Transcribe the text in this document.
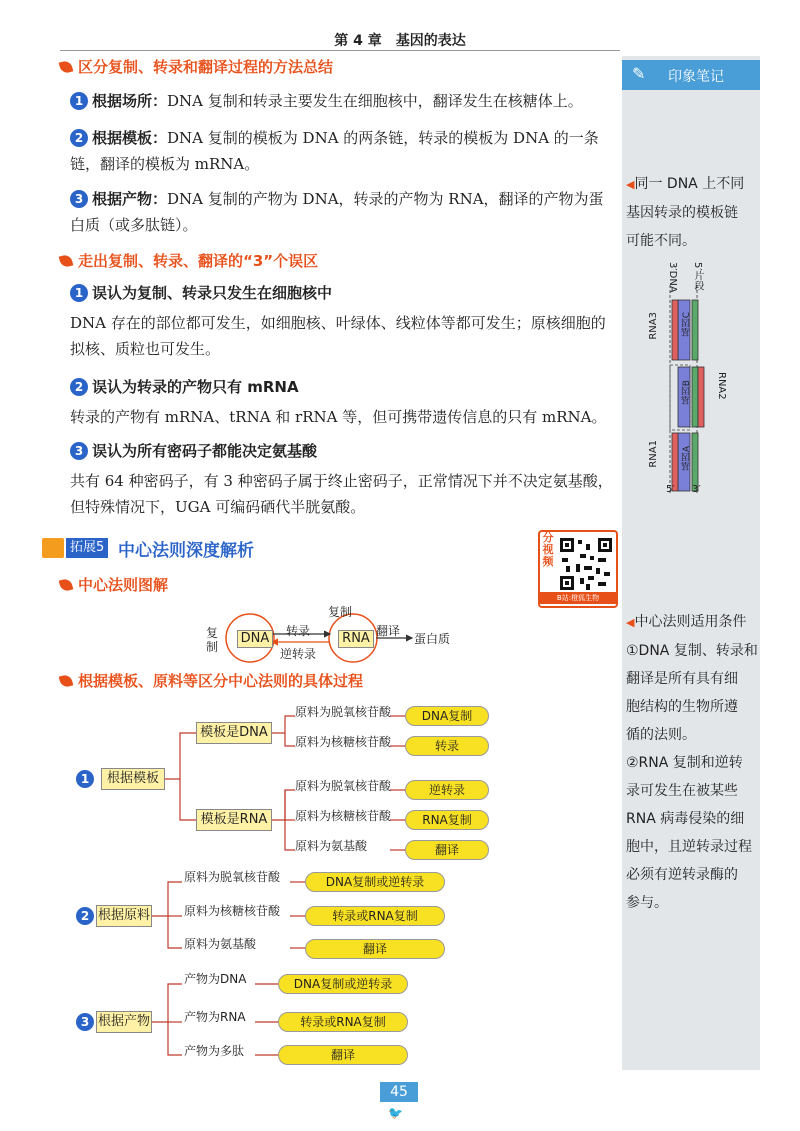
第 4 章　基因的表达
区分复制、转录和翻译过程的方法总结
1 根据场所：DNA 复制和转录主要发生在细胞核中，翻译发生在核糖体上。
2 根据模板：DNA 复制的模板为 DNA 的两条链，转录的模板为 DNA 的一条链，翻译的模板为 mRNA。
3 根据产物：DNA 复制的产物为 DNA，转录的产物为 RNA，翻译的产物为蛋白质（或多肽链）。
走出复制、转录、翻译的“3”个误区
1 误认为复制、转录只发生在细胞核中
DNA 存在的部位都可发生，如细胞核、叶绿体、线粒体等都可发生；原核细胞的拟核、质粒也可发生。
2 误认为转录的产物只有 mRNA
转录的产物有 mRNA、tRNA 和 rRNA 等，但可携带遗传信息的只有 mRNA。
3 误认为所有密码子都能决定氨基酸
共有 64 种密码子，有 3 种密码子属于终止密码子，正常情况下并不决定氨基酸，但特殊情况下，UGA 可编码硒代半胱氨酸。
拓展5 中心法则深度解析
分视频
B站:橙狐生物
中心法则图解
DNA	RNA
复制
转录
逆转录
复制
翻译
蛋白质
根据模板、原料等区分中心法则的具体过程
1	根据模板
模板是DNA
模板是RNA
原料为脱氧核苷酸
原料为核糖核苷酸
原料为脱氧核苷酸
原料为核糖核苷酸
原料为氨基酸
DNA复制
转录
逆转录
RNA复制
翻译
2 根据原料
原料为脱氧核苷酸
原料为核糖核苷酸
原料为氨基酸
DNA复制或逆转录
转录或RNA复制
翻译
3 根据产物
产物为DNA
产物为RNA
产物为多肽
DNA复制或逆转录
转录或RNA复制
翻译
✎ 印象笔记
◀同一 DNA 上不同
基因转录的模板链
可能不同。
3′DNA 5′片段
RNA3	基因C
基因B RNA2
RNA1	基因A
5′ 3′
◀中心法则适用条件
①DNA 复制、转录和
翻译是所有具有细
胞结构的生物所遵
循的法则。
②RNA 复制和逆转
录可发生在被某些
RNA 病毒侵染的细
胞中，且逆转录过程
必须有逆转录酶的
参与。
45
🐦
